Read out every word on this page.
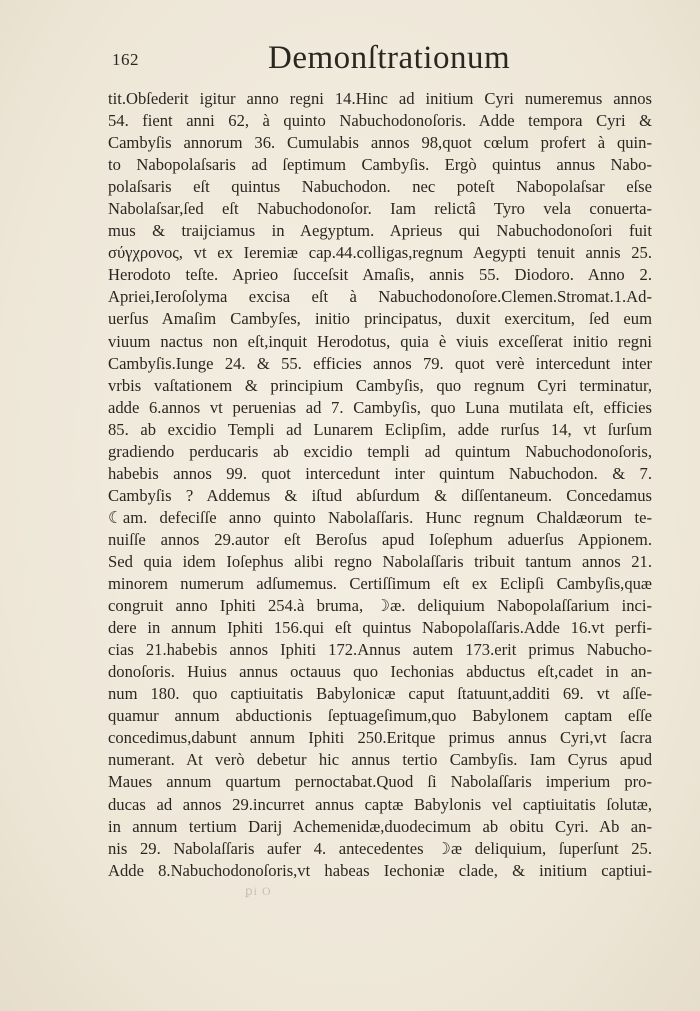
162	Demonſtrationum
tit.Obſederit igitur anno regni 14.Hinc ad initium Cyri numeremus annos
54. fient anni 62, à quinto Nabuchodonoſoris. Adde tempora Cyri &
Cambyſis annorum 36. Cumulabis annos 98,quot cœlum profert à quin-
to Nabopolaſsaris ad ſeptimum Cambyſis. Ergò quintus annus Nabo-
polaſsaris eſt quintus Nabuchodon. nec poteſt Nabopolaſsar eſse
Nabolaſsar,ſed eſt Nabuchodonoſor. Iam relictâ Tyro vela conuerta-
mus & traijciamus in Aegyptum. Aprieus qui Nabuchodonoſori fuit
σύγχρονος, vt ex Ieremiæ cap.44.colligas,regnum Aegypti tenuit annis 25.
Herodoto teſte. Aprieo ſucceſsit Amaſis, annis 55. Diodoro. Anno 2.
Apriei,Ieroſolyma excisa eſt à Nabuchodonoſore.Clemen.Stromat.1.Ad-
uerſus Amaſim Cambyſes, initio principatus, duxit exercitum, ſed eum
viuum nactus non eſt,inquit Herodotus, quia è viuis exceſſerat initio regni
Cambyſis.Iunge 24. & 55. efficies annos 79. quot verè intercedunt inter
vrbis vaſtationem & principium Cambyſis, quo regnum Cyri terminatur,
adde 6.annos vt peruenias ad 7. Cambyſis, quo Luna mutilata eſt, efficies
85. ab excidio Templi ad Lunarem Eclipſim, adde rurſus 14, vt ſurſum
gradiendo perducaris ab excidio templi ad quintum Nabuchodonoſoris,
habebis annos 99. quot intercedunt inter quintum Nabuchodon. & 7.
Cambyſis ? Addemus & iſtud abſurdum & diſſentaneum. Concedamus
☾am. defeciſſe anno quinto Nabolaſſaris. Hunc regnum Chaldæorum te-
nuiſſe annos 29.autor eſt Beroſus apud Ioſephum aduerſus Appionem.
Sed quia idem Ioſephus alibi regno Nabolaſſaris tribuit tantum annos 21.
minorem numerum adſumemus. Certiſſimum eſt ex Eclipſi Cambyſis,quæ
congruit anno Iphiti 254.à bruma, ☽æ. deliquium Nabopolaſſarium inci-
dere in annum Iphiti 156.qui eſt quintus Nabopolaſſaris.Adde 16.vt perfi-
cias 21.habebis annos Iphiti 172.Annus autem 173.erit primus Nabucho-
donoſoris. Huius annus octauus quo Iechonias abductus eſt,cadet in an-
num 180. quo captiuitatis Babylonicæ caput ſtatuunt,additi 69. vt aſſe-
quamur annum abductionis ſeptuageſimum,quo Babylonem captam eſſe
concedimus,dabunt annum Iphiti 250.Eritque primus annus Cyri,vt ſacra
numerant. At verò debetur hic annus tertio Cambyſis. Iam Cyrus apud
Maues annum quartum pernoctabat.Quod ſi Nabolaſſaris imperium pro-
ducas ad annos 29.incurret annus captæ Babylonis vel captiuitatis ſolutæ,
in annum tertium Darij Achemenidæ,duodecimum ab obitu Cyri. Ab an-
nis 29. Nabolaſſaris aufer 4. antecedentes ☽æ deliquium, ſuperſunt 25.
Adde 8.Nabuchodonoſoris,vt habeas Iechoniæ clade, & initium captiui-
ꝑi O
